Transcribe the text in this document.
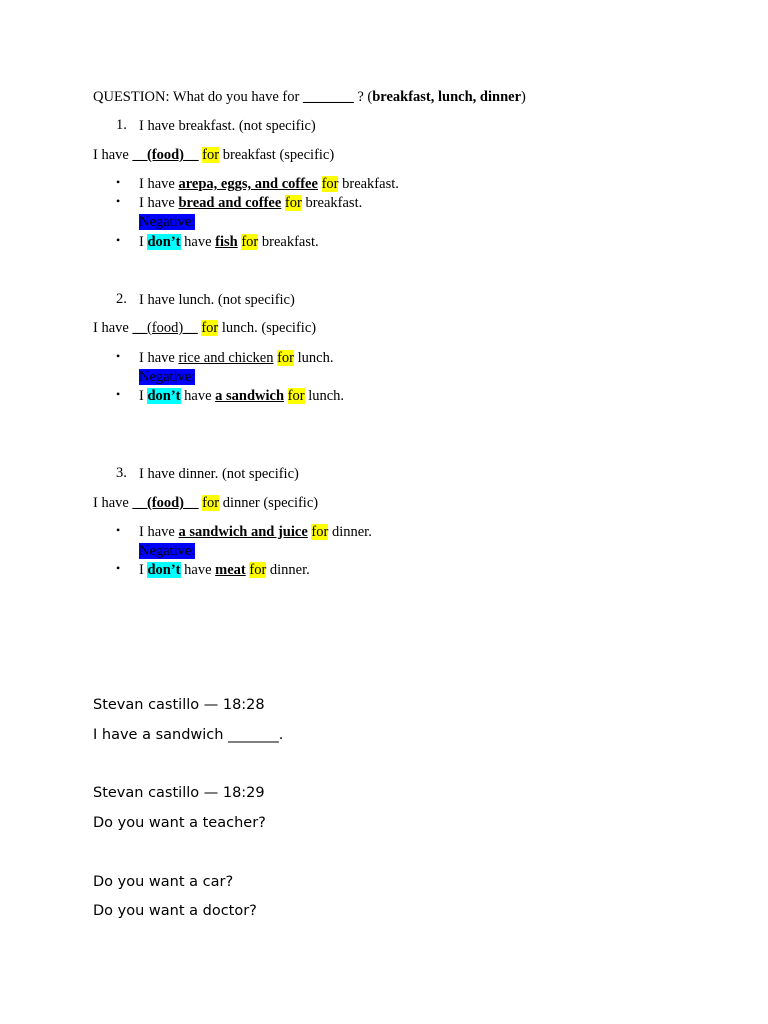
QUESTION: What do you have for _______ ? (breakfast, lunch, dinner)
1. I have breakfast. (not specific)
I have __(food)__ for breakfast (specific)
• I have arepa, eggs, and coffee for breakfast.
• I have bread and coffee for breakfast.
Negative:
• I don’t have fish for breakfast.
2. I have lunch. (not specific)
I have __(food)__ for lunch. (specific)
• I have rice and chicken for lunch.
Negative:
• I don’t have a sandwich for lunch.
3. I have dinner. (not specific)
I have __(food)__ for dinner (specific)
• I have a sandwich and juice for dinner.
Negative:
• I don’t have meat for dinner.
Stevan castillo — 18:28
I have a sandwich _______.
Stevan castillo — 18:29
Do you want a teacher?
Do you want a car?
Do you want a doctor?
